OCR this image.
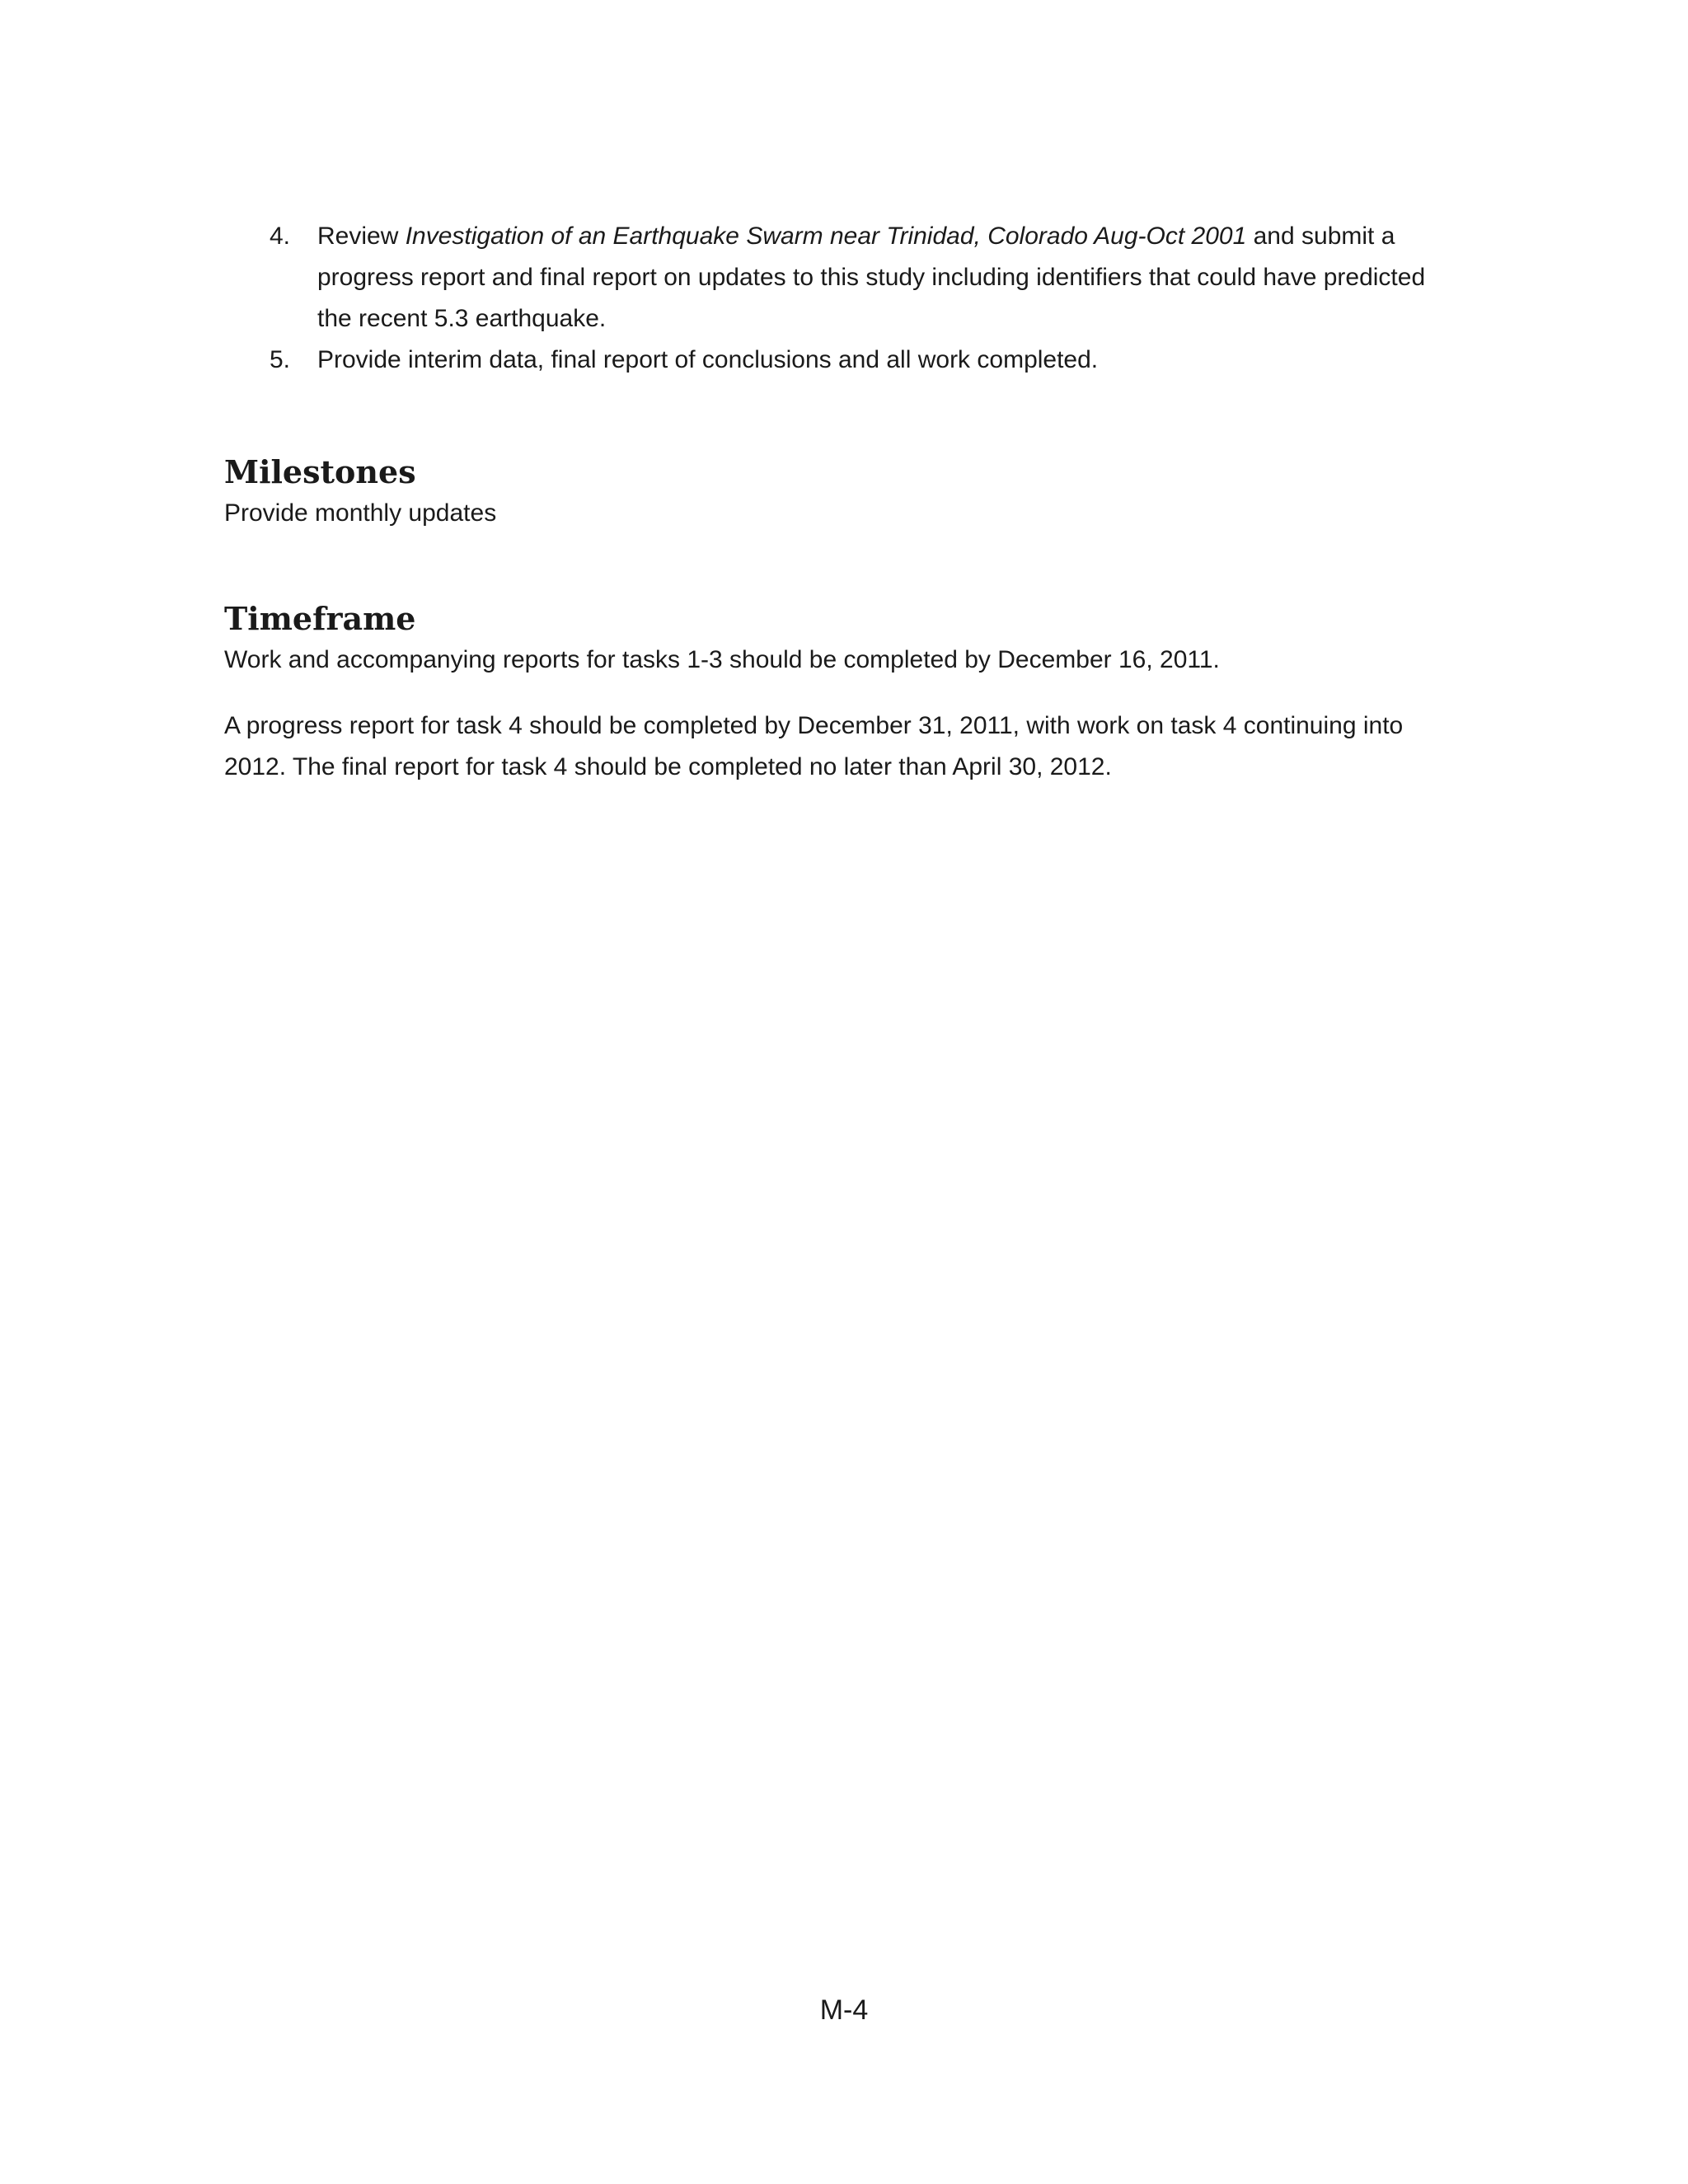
4. Review Investigation of an Earthquake Swarm near Trinidad, Colorado Aug-Oct 2001 and submit a progress report and final report on updates to this study including identifiers that could have predicted the recent 5.3 earthquake.
5. Provide interim data, final report of conclusions and all work completed.
Milestones

Provide monthly updates

Timeframe

Work and accompanying reports for tasks 1-3 should be completed by December 16, 2011.

A progress report for task 4 should be completed by December 31, 2011, with work on task 4 continuing into 2012. The final report for task 4 should be completed no later than April 30, 2012.

M-4
